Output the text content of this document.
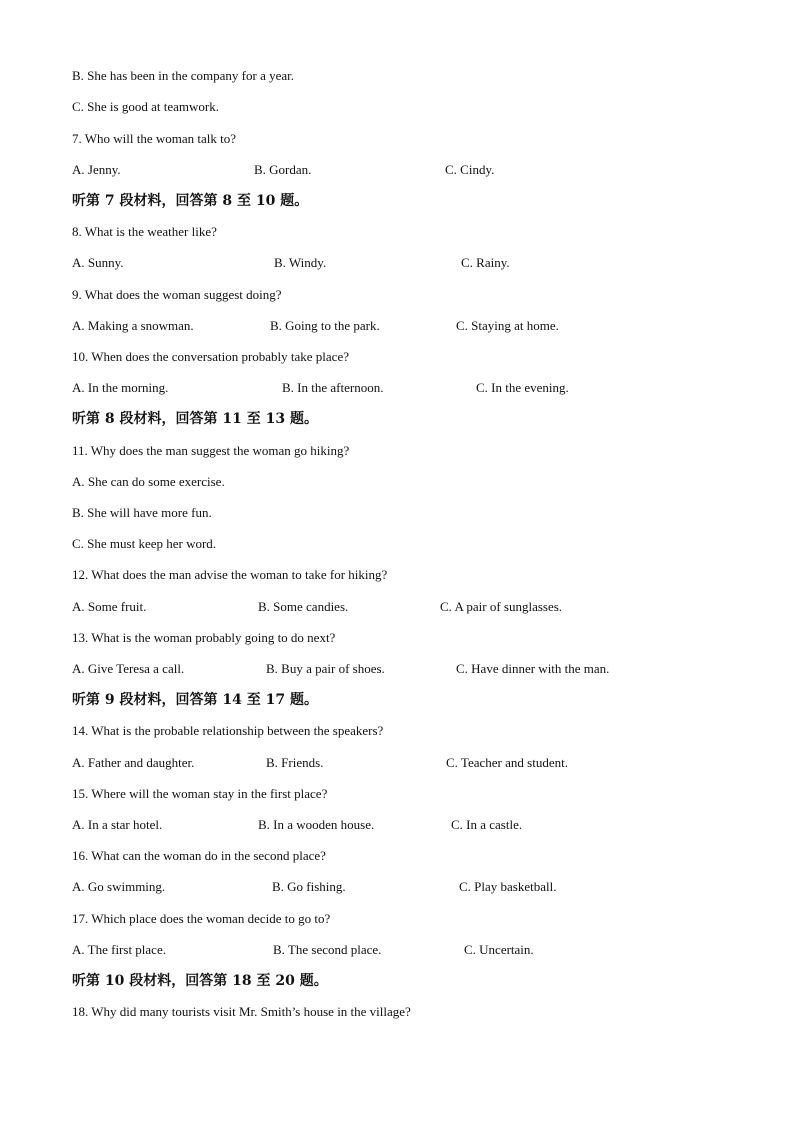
B. She has been in the company for a year.
C. She is good at teamwork.
7. Who will the woman talk to?
A. Jenny.	B. Gordan.	C. Cindy.
听第 7 段材料，回答第 8 至 10 题。
8. What is the weather like?
A. Sunny.	B. Windy.	C. Rainy.
9. What does the woman suggest doing?
A. Making a snowman.	B. Going to the park.	C. Staying at home.
10. When does the conversation probably take place?
A. In the morning.	B. In the afternoon.	C. In the evening.
听第 8 段材料，回答第 11 至 13 题。
11. Why does the man suggest the woman go hiking?
A. She can do some exercise.
B. She will have more fun.
C. She must keep her word.
12. What does the man advise the woman to take for hiking?
A. Some fruit.	B. Some candies.	C. A pair of sunglasses.
13. What is the woman probably going to do next?
A. Give Teresa a call.	B. Buy a pair of shoes.	C. Have dinner with the man.
听第 9 段材料，回答第 14 至 17 题。
14. What is the probable relationship between the speakers?
A. Father and daughter.	B. Friends.	C. Teacher and student.
15. Where will the woman stay in the first place?
A. In a star hotel.	B. In a wooden house.	C. In a castle.
16. What can the woman do in the second place?
A. Go swimming.	B. Go fishing.	C. Play basketball.
17. Which place does the woman decide to go to?
A. The first place.	B. The second place.	C. Uncertain.
听第 10 段材料，回答第 18 至 20 题。
18. Why did many tourists visit Mr. Smith’s house in the village?
